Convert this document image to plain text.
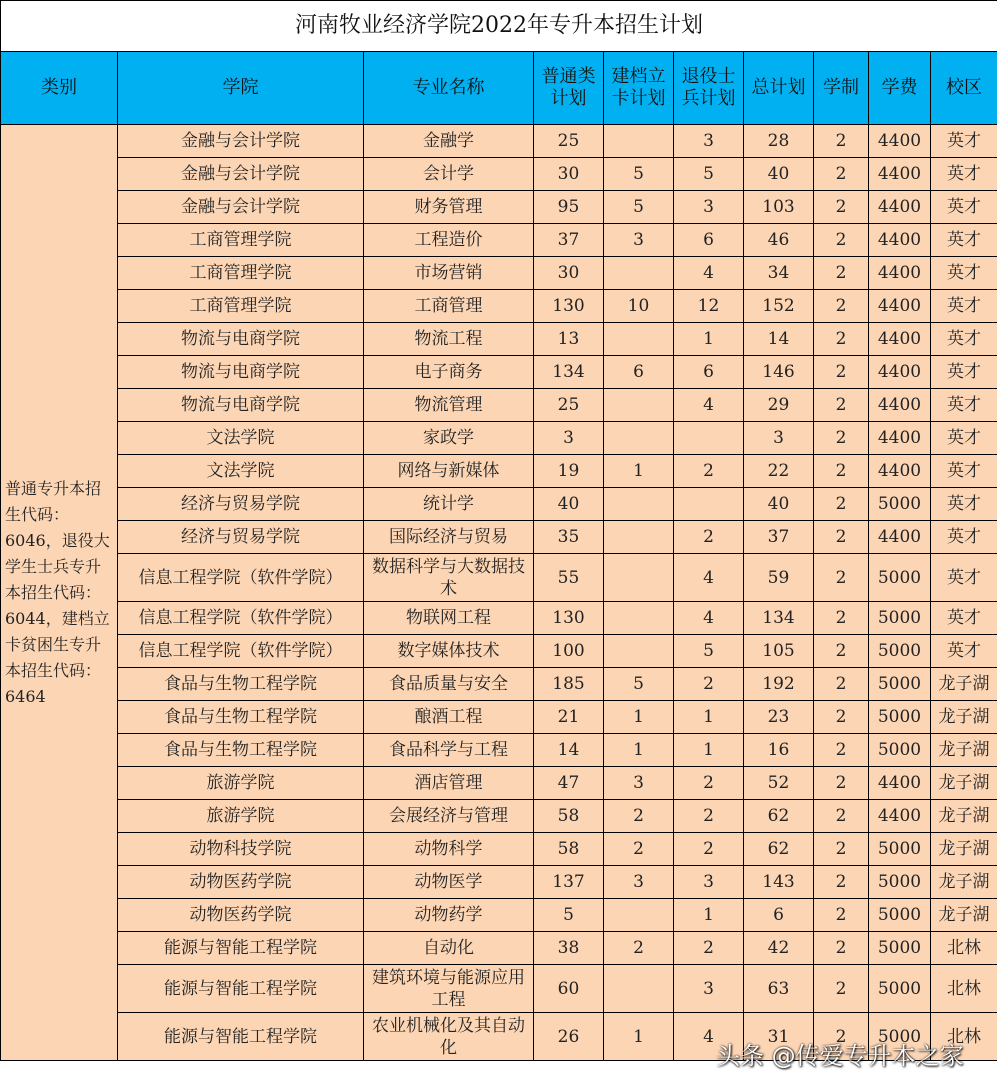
河南牧业经济学院2022年专升本招生计划									
类别	学院	专业名称	普通类计划	建档立卡计划	退役士兵计划	总计划	学制	学费	校区
普通专升本招生代码：6046，退役大学生士兵专升本招生代码：6044，建档立卡贫困生专升本招生代码：6464	金融与会计学院	金融学	25		3	28	2	4400	英才
	金融与会计学院	会计学	30	5	5	40	2	4400	英才
	金融与会计学院	财务管理	95	5	3	103	2	4400	英才
	工商管理学院	工程造价	37	3	6	46	2	4400	英才
	工商管理学院	市场营销	30		4	34	2	4400	英才
	工商管理学院	工商管理	130	10	12	152	2	4400	英才
	物流与电商学院	物流工程	13		1	14	2	4400	英才
	物流与电商学院	电子商务	134	6	6	146	2	4400	英才
	物流与电商学院	物流管理	25		4	29	2	4400	英才
	文法学院	家政学	3			3	2	4400	英才
	文法学院	网络与新媒体	19	1	2	22	2	4400	英才
	经济与贸易学院	统计学	40			40	2	5000	英才
	经济与贸易学院	国际经济与贸易	35		2	37	2	4400	英才
	信息工程学院（软件学院）	数据科学与大数据技术	55		4	59	2	5000	英才
	信息工程学院（软件学院）	物联网工程	130		4	134	2	5000	英才
	信息工程学院（软件学院）	数字媒体技术	100		5	105	2	5000	英才
	食品与生物工程学院	食品质量与安全	185	5	2	192	2	5000	龙子湖
	食品与生物工程学院	酿酒工程	21	1	1	23	2	5000	龙子湖
	食品与生物工程学院	食品科学与工程	14	1	1	16	2	5000	龙子湖
	旅游学院	酒店管理	47	3	2	52	2	4400	龙子湖
	旅游学院	会展经济与管理	58	2	2	62	2	4400	龙子湖
	动物科技学院	动物科学	58	2	2	62	2	5000	龙子湖
	动物医药学院	动物医学	137	3	3	143	2	5000	龙子湖
	动物医药学院	动物药学	5		1	6	2	5000	龙子湖
	能源与智能工程学院	自动化	38	2	2	42	2	5000	北林
	能源与智能工程学院	建筑环境与能源应用工程	60		3	63	2	5000	北林
	能源与智能工程学院	农业机械化及其自动化	26	1	4	31	2	5000	北林
头条 @传爱专升本之家
